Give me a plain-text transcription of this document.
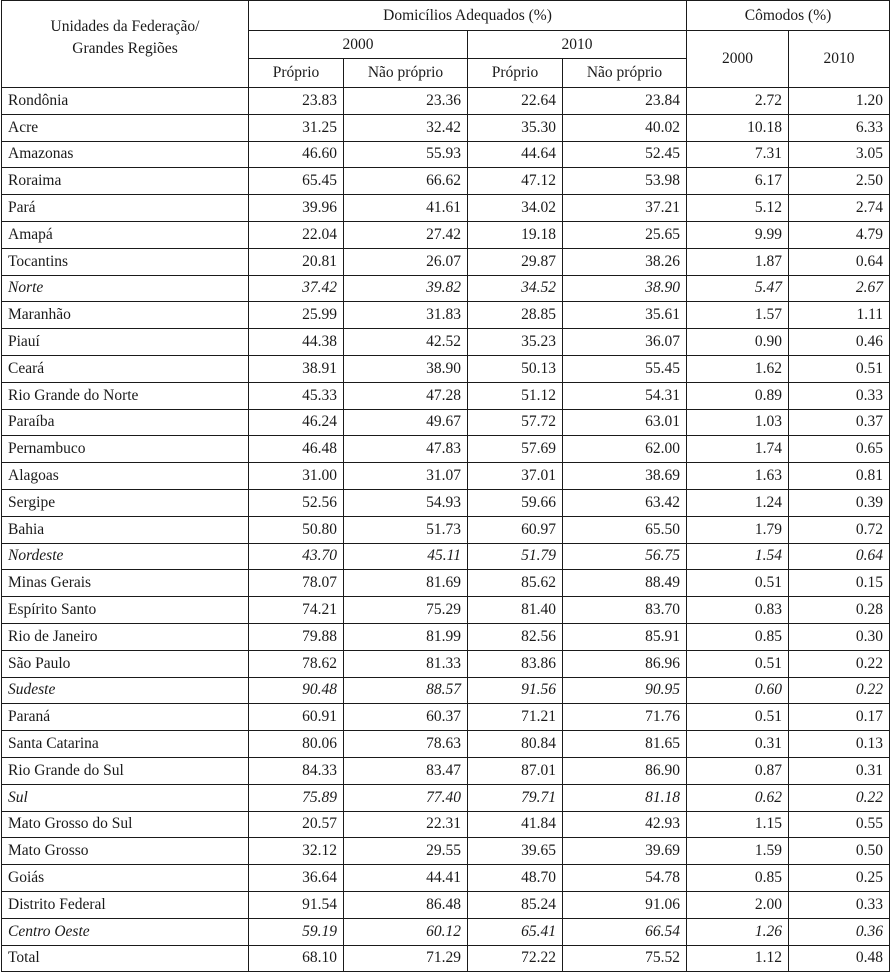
Unidades da Federação/
Grandes Regiões	Domicílios Adequados (%)				Cômodos (%)	
	2000		2010		2000	2010
	Próprio	Não próprio	Próprio	Não próprio		
Rondônia	23.83	23.36	22.64	23.84	2.72	1.20
Acre	31.25	32.42	35.30	40.02	10.18	6.33
Amazonas	46.60	55.93	44.64	52.45	7.31	3.05
Roraima	65.45	66.62	47.12	53.98	6.17	2.50
Pará	39.96	41.61	34.02	37.21	5.12	2.74
Amapá	22.04	27.42	19.18	25.65	9.99	4.79
Tocantins	20.81	26.07	29.87	38.26	1.87	0.64
Norte	37.42	39.82	34.52	38.90	5.47	2.67
Maranhão	25.99	31.83	28.85	35.61	1.57	1.11
Piauí	44.38	42.52	35.23	36.07	0.90	0.46
Ceará	38.91	38.90	50.13	55.45	1.62	0.51
Rio Grande do Norte	45.33	47.28	51.12	54.31	0.89	0.33
Paraíba	46.24	49.67	57.72	63.01	1.03	0.37
Pernambuco	46.48	47.83	57.69	62.00	1.74	0.65
Alagoas	31.00	31.07	37.01	38.69	1.63	0.81
Sergipe	52.56	54.93	59.66	63.42	1.24	0.39
Bahia	50.80	51.73	60.97	65.50	1.79	0.72
Nordeste	43.70	45.11	51.79	56.75	1.54	0.64
Minas Gerais	78.07	81.69	85.62	88.49	0.51	0.15
Espírito Santo	74.21	75.29	81.40	83.70	0.83	0.28
Rio de Janeiro	79.88	81.99	82.56	85.91	0.85	0.30
São Paulo	78.62	81.33	83.86	86.96	0.51	0.22
Sudeste	90.48	88.57	91.56	90.95	0.60	0.22
Paraná	60.91	60.37	71.21	71.76	0.51	0.17
Santa Catarina	80.06	78.63	80.84	81.65	0.31	0.13
Rio Grande do Sul	84.33	83.47	87.01	86.90	0.87	0.31
Sul	75.89	77.40	79.71	81.18	0.62	0.22
Mato Grosso do Sul	20.57	22.31	41.84	42.93	1.15	0.55
Mato Grosso	32.12	29.55	39.65	39.69	1.59	0.50
Goiás	36.64	44.41	48.70	54.78	0.85	0.25
Distrito Federal	91.54	86.48	85.24	91.06	2.00	0.33
Centro Oeste	59.19	60.12	65.41	66.54	1.26	0.36
Total	68.10	71.29	72.22	75.52	1.12	0.48
